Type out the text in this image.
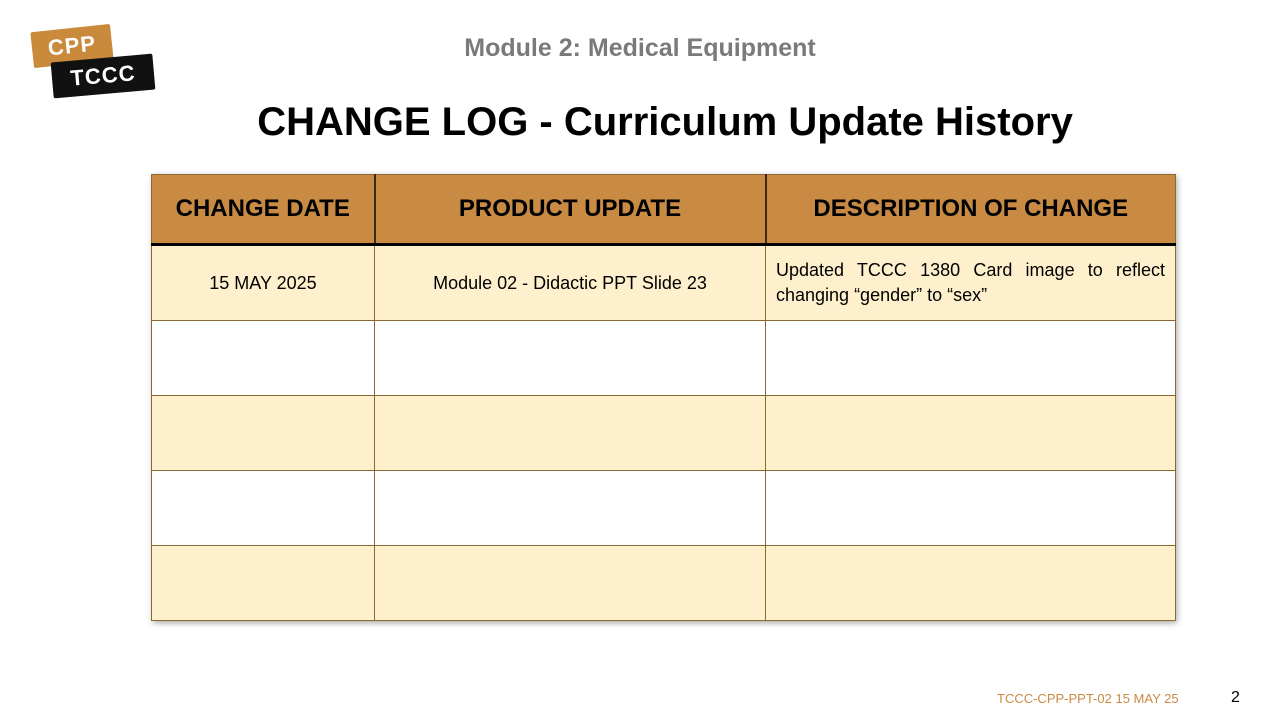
CPP
TCCC
Module 2: Medical Equipment
CHANGE LOG - Curriculum Update History
CHANGE DATE	PRODUCT UPDATE	DESCRIPTION OF CHANGE
15 MAY 2025	Module 02 - Didactic PPT Slide 23	Updated TCCC 1380 Card image to reflect changing “gender” to “sex”

TCCC-CPP-PPT-02 15 MAY 25	2
